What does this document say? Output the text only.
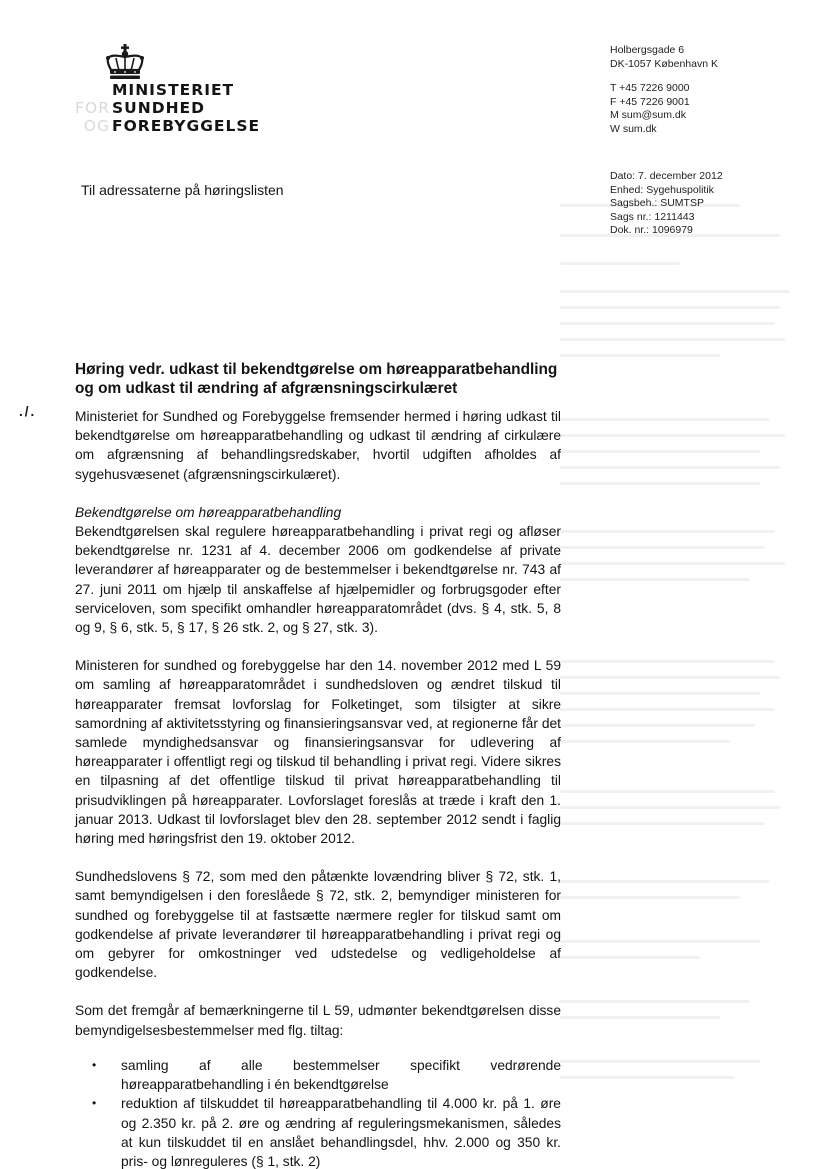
MINISTERIET
FOR SUNDHED
OG FOREBYGGELSE
Holbergsgade 6
DK-1057 København K
T +45 7226 9000
F +45 7226 9001
M sum@sum.dk
W sum.dk
Dato: 7. december 2012
Enhed: Sygehuspolitik
Sagsbeh.: SUMTSP
Sags nr.: 1211443
Dok. nr.: 1096979
Til adressaterne på høringslisten
./.
Høring vedr. udkast til bekendtgørelse om høreapparatbehandling og om udkast til ændring af afgrænsningscirkulæret

Ministeriet for Sundhed og Forebyggelse fremsender hermed i høring udkast til bekendtgørelse om høreapparatbehandling og udkast til ændring af cirkulære om afgrænsning af behandlingsredskaber, hvortil udgiften afholdes af sygehusvæsenet (afgrænsningscirkulæret).

Bekendtgørelse om høreapparatbehandling

Bekendtgørelsen skal regulere høreapparatbehandling i privat regi og afløser bekendtgørelse nr. 1231 af 4. december 2006 om godkendelse af private leverandører af høreapparater og de bestemmelser i bekendtgørelse nr. 743 af 27. juni 2011 om hjælp til anskaffelse af hjælpemidler og forbrugsgoder efter serviceloven, som specifikt omhandler høreapparatområdet (dvs. § 4, stk. 5, 8 og 9, § 6, stk. 5, § 17, § 26 stk. 2, og § 27, stk. 3).

Ministeren for sundhed og forebyggelse har den 14. november 2012 med L 59 om samling af høreapparatområdet i sundhedsloven og ændret tilskud til høreapparater fremsat lovforslag for Folketinget, som tilsigter at sikre samordning af aktivitetsstyring og finansieringsansvar ved, at regionerne får det samlede myndighedsansvar og finansieringsansvar for udlevering af høreapparater i offentligt regi og tilskud til behandling i privat regi. Videre sikres en tilpasning af det offentlige tilskud til privat høreapparatbehandling til prisudviklingen på høreapparater. Lovforslaget foreslås at træde i kraft den 1. januar 2013. Udkast til lovforslaget blev den 28. september 2012 sendt i faglig høring med høringsfrist den 19. oktober 2012.

Sundhedslovens § 72, som med den påtænkte lovændring bliver § 72, stk. 1, samt bemyndigelsen i den foreslåede § 72, stk. 2, bemyndiger ministeren for sundhed og forebyggelse til at fastsætte nærmere regler for tilskud samt om godkendelse af private leverandører til høreapparatbehandling i privat regi og om gebyrer for omkostninger ved udstedelse og vedligeholdelse af godkendelse.

Som det fremgår af bemærkningerne til L 59, udmønter bekendtgørelsen disse bemyndigelsesbestemmelser med flg. tiltag:

• samling af alle bestemmelser specifikt vedrørende høreapparatbehandling i én bekendtgørelse
• reduktion af tilskuddet til høreapparatbehandling til 4.000 kr. på 1. øre og 2.350 kr. på 2. øre og ændring af reguleringsmekanismen, således at kun tilskuddet til en anslået behandlingsdel, hhv. 2.000 og 350 kr. pris- og lønreguleres (§ 1, stk. 2)
